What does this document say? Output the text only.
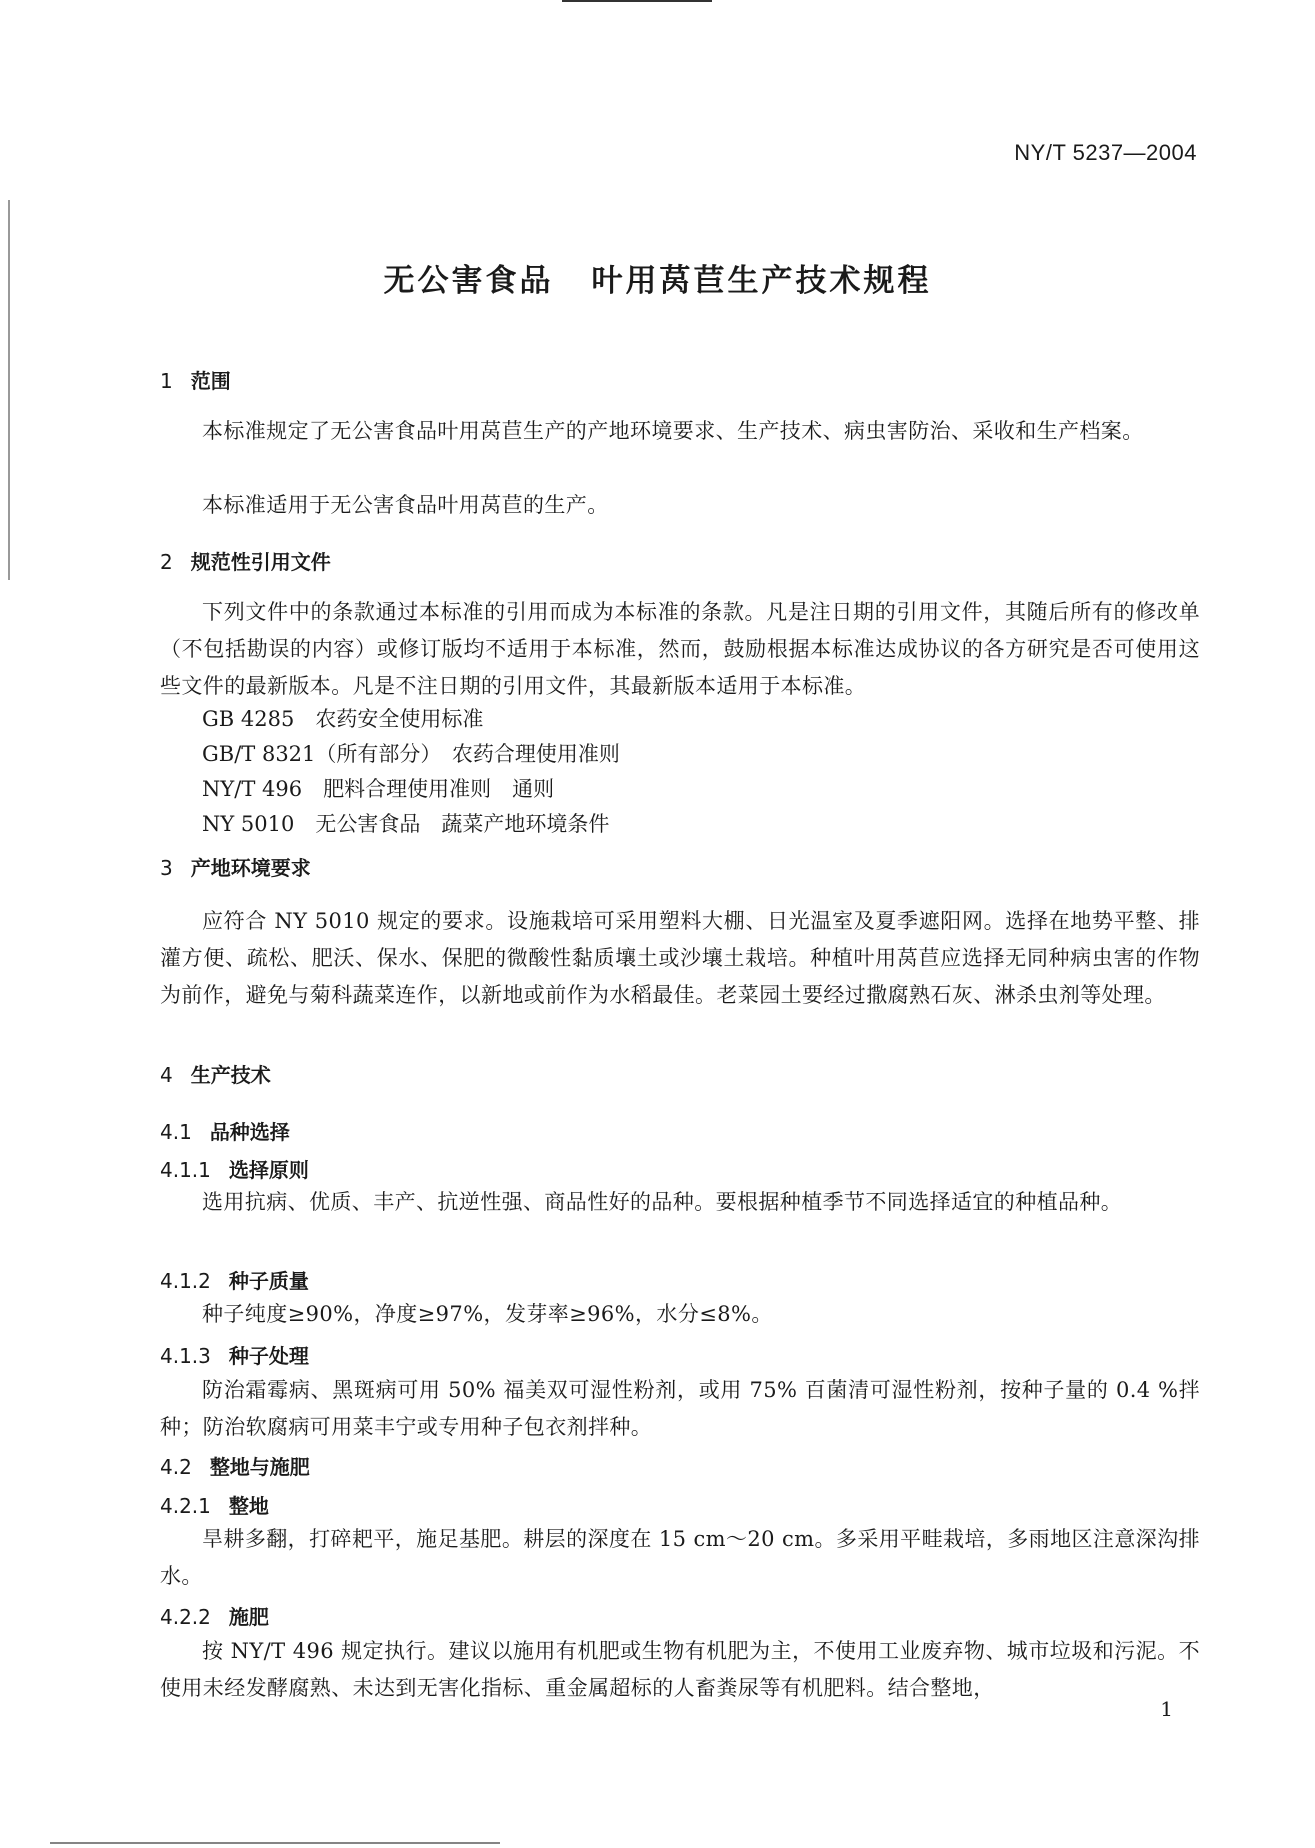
NY/T 5237—2004
无公害食品 叶用莴苣生产技术规程
1 范围
本标准规定了无公害食品叶用莴苣生产的产地环境要求、生产技术、病虫害防治、采收和生产档案。
本标准适用于无公害食品叶用莴苣的生产。
2 规范性引用文件
下列文件中的条款通过本标准的引用而成为本标准的条款。凡是注日期的引用文件，其随后所有的修改单（不包括勘误的内容）或修订版均不适用于本标准，然而，鼓励根据本标准达成协议的各方研究是否可使用这些文件的最新版本。凡是不注日期的引用文件，其最新版本适用于本标准。
GB 4285　农药安全使用标准
GB/T 8321（所有部分）　农药合理使用准则
NY/T 496　肥料合理使用准则　通则
NY 5010　无公害食品　蔬菜产地环境条件
3 产地环境要求
应符合 NY 5010 规定的要求。设施栽培可采用塑料大棚、日光温室及夏季遮阳网。选择在地势平整、排灌方便、疏松、肥沃、保水、保肥的微酸性黏质壤土或沙壤土栽培。种植叶用莴苣应选择无同种病虫害的作物为前作，避免与菊科蔬菜连作，以新地或前作为水稻最佳。老菜园土要经过撒腐熟石灰、淋杀虫剂等处理。
4 生产技术
4.1 品种选择
4.1.1 选择原则
选用抗病、优质、丰产、抗逆性强、商品性好的品种。要根据种植季节不同选择适宜的种植品种。
4.1.2 种子质量
种子纯度≥90%，净度≥97%，发芽率≥96%，水分≤8%。
4.1.3 种子处理
防治霜霉病、黑斑病可用 50% 福美双可湿性粉剂，或用 75% 百菌清可湿性粉剂，按种子量的 0.4 %拌种；防治软腐病可用菜丰宁或专用种子包衣剂拌种。
4.2 整地与施肥
4.2.1 整地
旱耕多翻，打碎耙平，施足基肥。耕层的深度在 15 cm～20 cm。多采用平畦栽培，多雨地区注意深沟排水。
4.2.2 施肥
按 NY/T 496 规定执行。建议以施用有机肥或生物有机肥为主，不使用工业废弃物、城市垃圾和污泥。不使用未经发酵腐熟、未达到无害化指标、重金属超标的人畜粪尿等有机肥料。结合整地，
1
